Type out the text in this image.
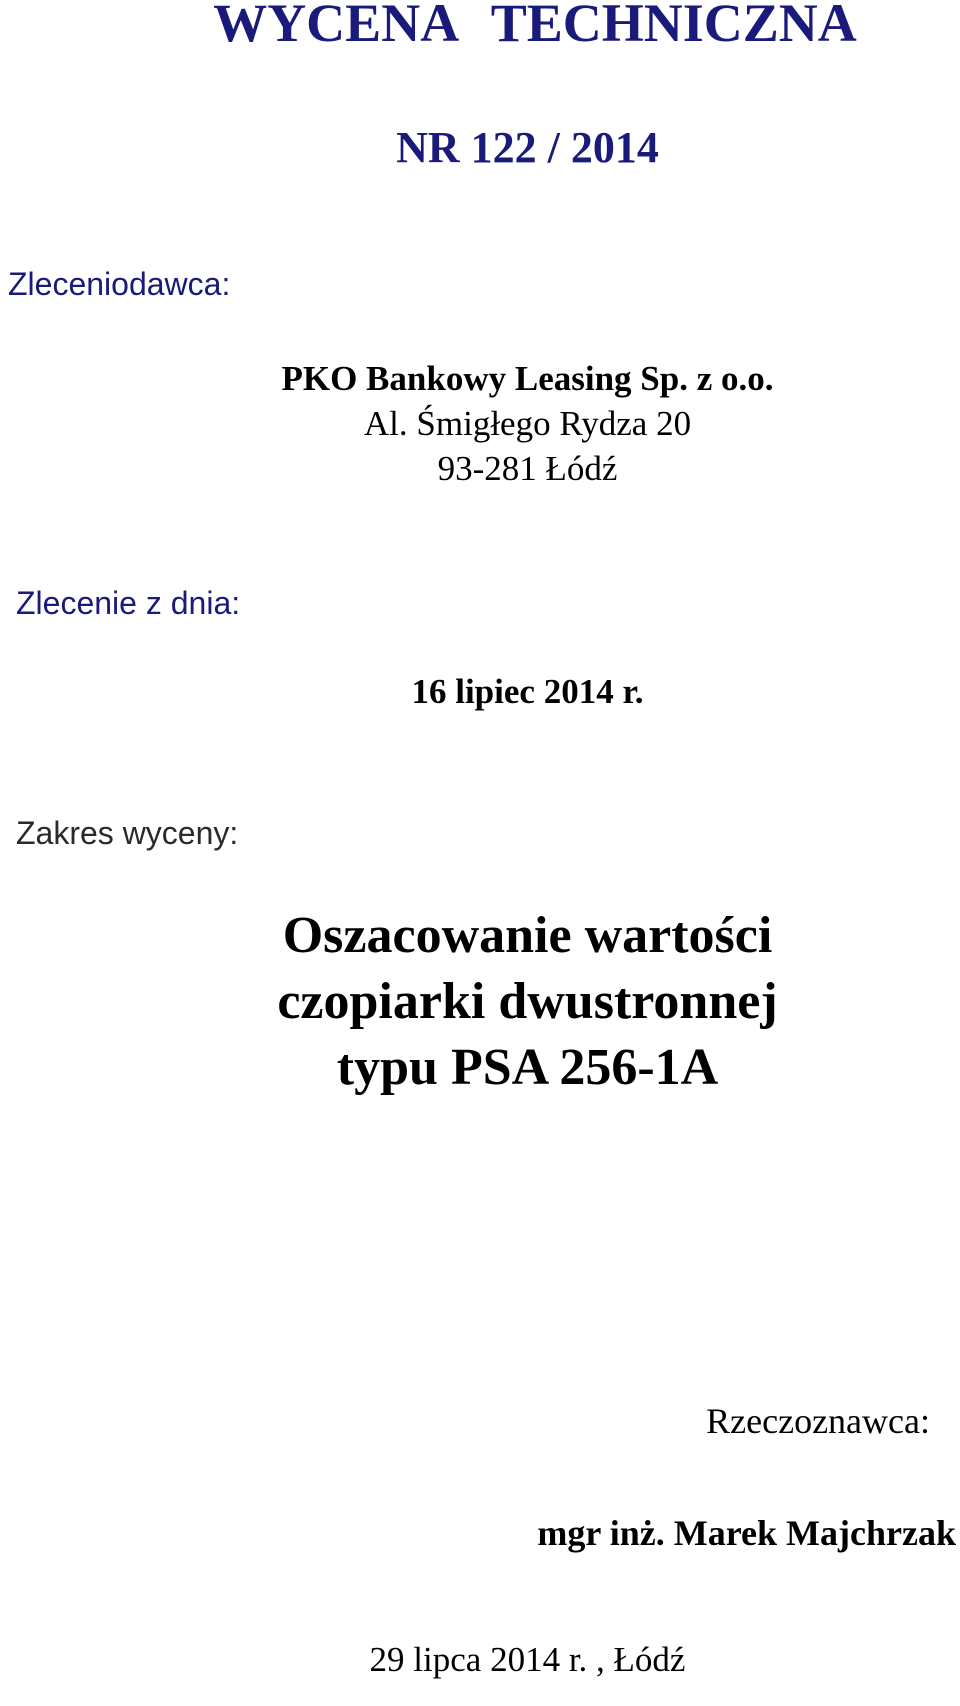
WYCENA TECHNICZNA
NR 122 / 2014
Zleceniodawca:
PKO Bankowy Leasing Sp. z o.o.
Al. Śmigłego Rydza 20
93-281 Łódź
Zlecenie z dnia:
16 lipiec 2014 r.
Zakres wyceny:
Oszacowanie wartości
czopiarki dwustronnej
typu PSA 256-1A
Rzeczoznawca:
mgr inż. Marek Majchrzak
29 lipca 2014 r. , Łódź
